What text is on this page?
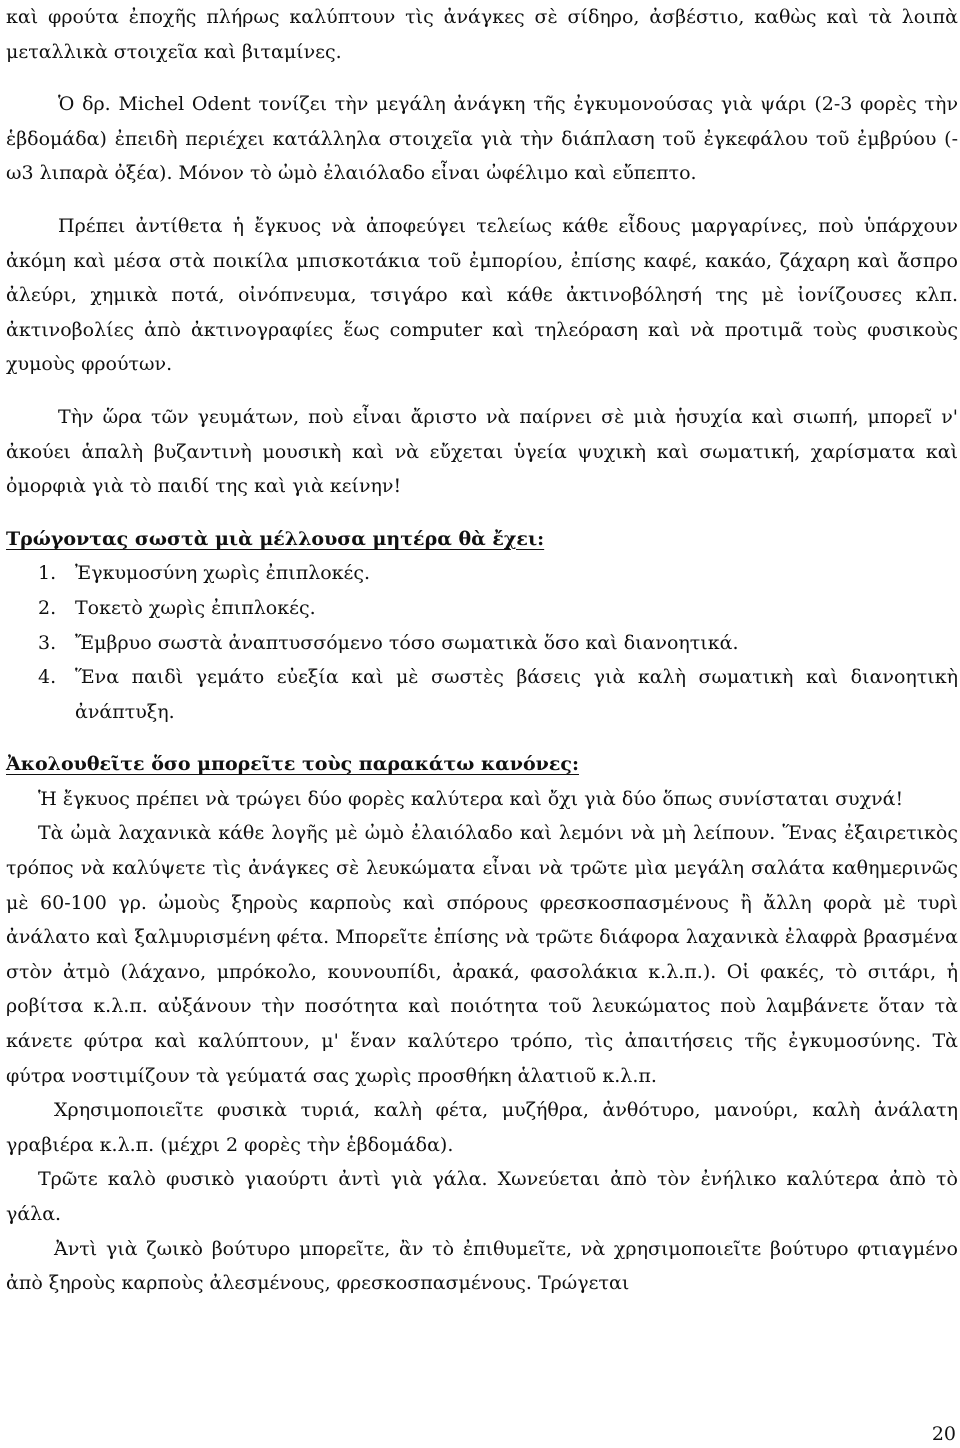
καὶ φρούτα ἐποχῆς πλήρως καλύπτουν τὶς ἀνάγκες σὲ σίδηρο, ἀσβέστιο, καθὼς καὶ τὰ λοιπὰ μεταλλικὰ στοιχεῖα καὶ βιταμίνες.

Ὁ δρ. Michel Odent τονίζει τὴν μεγάλη ἀνάγκη τῆς ἐγκυμονούσας γιὰ ψάρι (2-3 φορὲς τὴν ἑβδομάδα) ἐπειδὴ περιέχει κατάλληλα στοιχεῖα γιὰ τὴν διάπλαση τοῦ ἐγκεφάλου τοῦ ἐμβρύου (-ω3 λιπαρὰ ὀξέα). Μόνον τὸ ὠμὸ ἐλαιόλαδο εἶναι ὠφέλιμο καὶ εὔπεπτο.

Πρέπει ἀντίθετα ἡ ἔγκυος νὰ ἀποφεύγει τελείως κάθε εἶδους μαργαρίνες, ποὺ ὑπάρχουν ἀκόμη καὶ μέσα στὰ ποικίλα μπισκοτάκια τοῦ ἐμπορίου, ἐπίσης καφέ, κακάο, ζάχαρη καὶ ἄσπρο ἀλεύρι, χημικὰ ποτά, οἰνόπνευμα, τσιγάρο καὶ κάθε ἀκτινοβόλησή της μὲ ἰονίζουσες κλπ. ἀκτινοβολίες ἀπὸ ἀκτινογραφίες ἕως computer καὶ τηλεόραση καὶ νὰ προτιμᾶ τοὺς φυσικοὺς χυμοὺς φρούτων.

Τὴν ὥρα τῶν γευμάτων, ποὺ εἶναι ἄριστο νὰ παίρνει σὲ μιὰ ἡσυχία καὶ σιωπή, μπορεῖ ν' ἀκούει ἁπαλὴ βυζαντινὴ μουσικὴ καὶ νὰ εὔχεται ὑγεία ψυχικὴ καὶ σωματική, χαρίσματα καὶ ὀμορφιὰ γιὰ τὸ παιδί της καὶ γιὰ κείνην!

Τρώγοντας σωστὰ μιὰ μέλλουσα μητέρα θὰ ἔχει:

1. Ἐγκυμοσύνη χωρὶς ἐπιπλοκές.
2. Τοκετὸ χωρὶς ἐπιπλοκές.
3. Ἔμβρυο σωστὰ ἀναπτυσσόμενο τόσο σωματικὰ ὅσο καὶ διανοητικά.
4. Ἕνα παιδὶ γεμάτο εὐεξία καὶ μὲ σωστὲς βάσεις γιὰ καλὴ σωματικὴ καὶ διανοητικὴ ἀνάπτυξη.

Ἀκολουθεῖτε ὅσο μπορεῖτε τοὺς παρακάτω κανόνες:

Ἡ ἔγκυος πρέπει νὰ τρώγει δύο φορὲς καλύτερα καὶ ὄχι γιὰ δύο ὅπως συνίσταται συχνά!

Τὰ ὠμὰ λαχανικὰ κάθε λογῆς μὲ ὠμὸ ἐλαιόλαδο καὶ λεμόνι νὰ μὴ λείπουν. Ἕνας ἐξαιρετικὸς τρόπος νὰ καλύψετε τὶς ἀνάγκες σὲ λευκώματα εἶναι νὰ τρῶτε μὶα μεγάλη σαλάτα καθημερινῶς μὲ 60-100 γρ. ὠμοὺς ξηροὺς καρποὺς καὶ σπόρους φρεσκοσπασμένους ἢ ἄλλη φορὰ μὲ τυρὶ ἀνάλατο καὶ ξαλμυρισμένη φέτα. Μπορεῖτε ἐπίσης νὰ τρῶτε διάφορα λαχανικὰ ἐλαφρὰ βρασμένα στὸν ἀτμὸ (λάχανο, μπρόκολο, κουνουπίδι, ἀρακά, φασολάκια κ.λ.π.). Οἱ φακές, τὸ σιτάρι, ἡ ροβίτσα κ.λ.π. αὐξάνουν τὴν ποσότητα καὶ ποιότητα τοῦ λευκώματος ποὺ λαμβάνετε ὅταν τὰ κάνετε φύτρα καὶ καλύπτουν, μ' ἕναν καλύτερο τρόπο, τὶς ἀπαιτήσεις τῆς ἐγκυμοσύνης. Τὰ φύτρα νοστιμίζουν τὰ γεύματά σας χωρὶς προσθήκη ἁλατιοῦ κ.λ.π.

Χρησιμοποιεῖτε φυσικὰ τυριά, καλὴ φέτα, μυζήθρα, ἀνθότυρο, μανούρι, καλὴ ἀνάλατη γραβιέρα κ.λ.π. (μέχρι 2 φορὲς τὴν ἑβδομάδα).

Τρῶτε καλὸ φυσικὸ γιαούρτι ἀντὶ γιὰ γάλα. Χωνεύεται ἀπὸ τὸν ἐνήλικο καλύτερα ἀπὸ τὸ γάλα.

Ἀντὶ γιὰ ζωικὸ βούτυρο μπορεῖτε, ἂν τὸ ἐπιθυμεῖτε, νὰ χρησιμοποιεῖτε βούτυρο φτιαγμένο ἀπὸ ξηροὺς καρποὺς ἀλεσμένους, φρεσκοσπασμένους. Τρώγεται

20
